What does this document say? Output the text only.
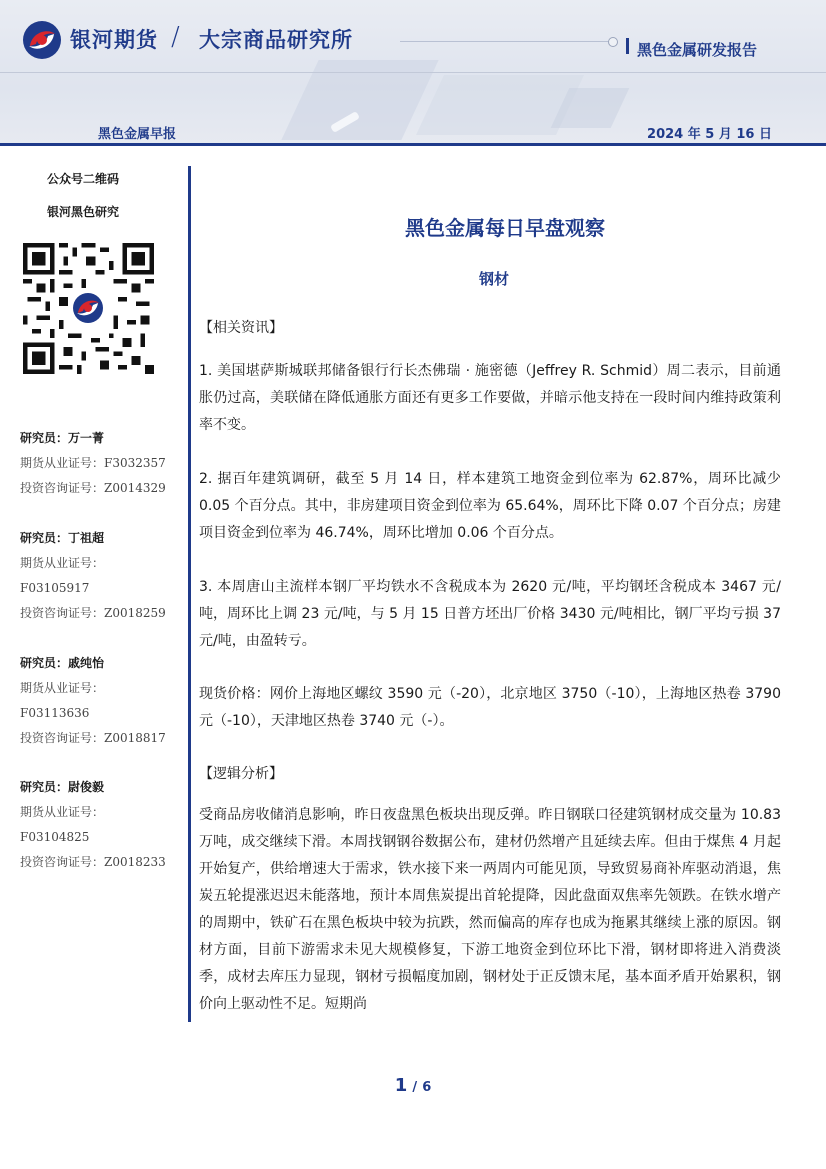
银河期货 / 大宗商品研究所	黑色金属研发报告
黑色金属早报	2024 年 5 月 16 日
公众号二维码
银河黑色研究
研究员：万一菁
期货从业证号：F3032357
投资咨询证号：Z0014329
研究员：丁祖超
期货从业证号：
F03105917
投资咨询证号：Z0018259
研究员：戚纯怡
期货从业证号：
F03113636
投资咨询证号：Z0018817
研究员：尉俊毅
期货从业证号：
F03104825
投资咨询证号：Z0018233
黑色金属每日早盘观察
钢材
【相关资讯】
1. 美国堪萨斯城联邦储备银行行长杰佛瑞 · 施密德（Jeffrey R. Schmid）周二表示，目前通胀仍过高，美联储在降低通胀方面还有更多工作要做，并暗示他支持在一段时间内维持政策利率不变。
2. 据百年建筑调研，截至 5 月 14 日，样本建筑工地资金到位率为 62.87%，周环比减少 0.05 个百分点。其中，非房建项目资金到位率为 65.64%，周环比下降 0.07 个百分点；房建项目资金到位率为 46.74%，周环比增加 0.06 个百分点。
3. 本周唐山主流样本钢厂平均铁水不含税成本为 2620 元/吨，平均钢坯含税成本 3467 元/吨，周环比上调 23 元/吨，与 5 月 15 日普方坯出厂价格 3430 元/吨相比，钢厂平均亏损 37 元/吨，由盈转亏。
现货价格：网价上海地区螺纹 3590 元（-20），北京地区 3750（-10），上海地区热卷 3790 元（-10），天津地区热卷 3740 元（-）。
【逻辑分析】
受商品房收储消息影响，昨日夜盘黑色板块出现反弹。昨日钢联口径建筑钢材成交量为 10.83 万吨，成交继续下滑。本周找钢钢谷数据公布，建材仍然增产且延续去库。但由于煤焦 4 月起开始复产，供给增速大于需求，铁水接下来一两周内可能见顶，导致贸易商补库驱动消退，焦炭五轮提涨迟迟未能落地，预计本周焦炭提出首轮提降，因此盘面双焦率先领跌。在铁水增产的周期中，铁矿石在黑色板块中较为抗跌，然而偏高的库存也成为拖累其继续上涨的原因。钢材方面，目前下游需求未见大规模修复，下游工地资金到位环比下滑，钢材即将进入消费淡季，成材去库压力显现，钢材亏损幅度加剧，钢材处于正反馈末尾，基本面矛盾开始累积，钢价向上驱动性不足。短期尚
1 / 6
